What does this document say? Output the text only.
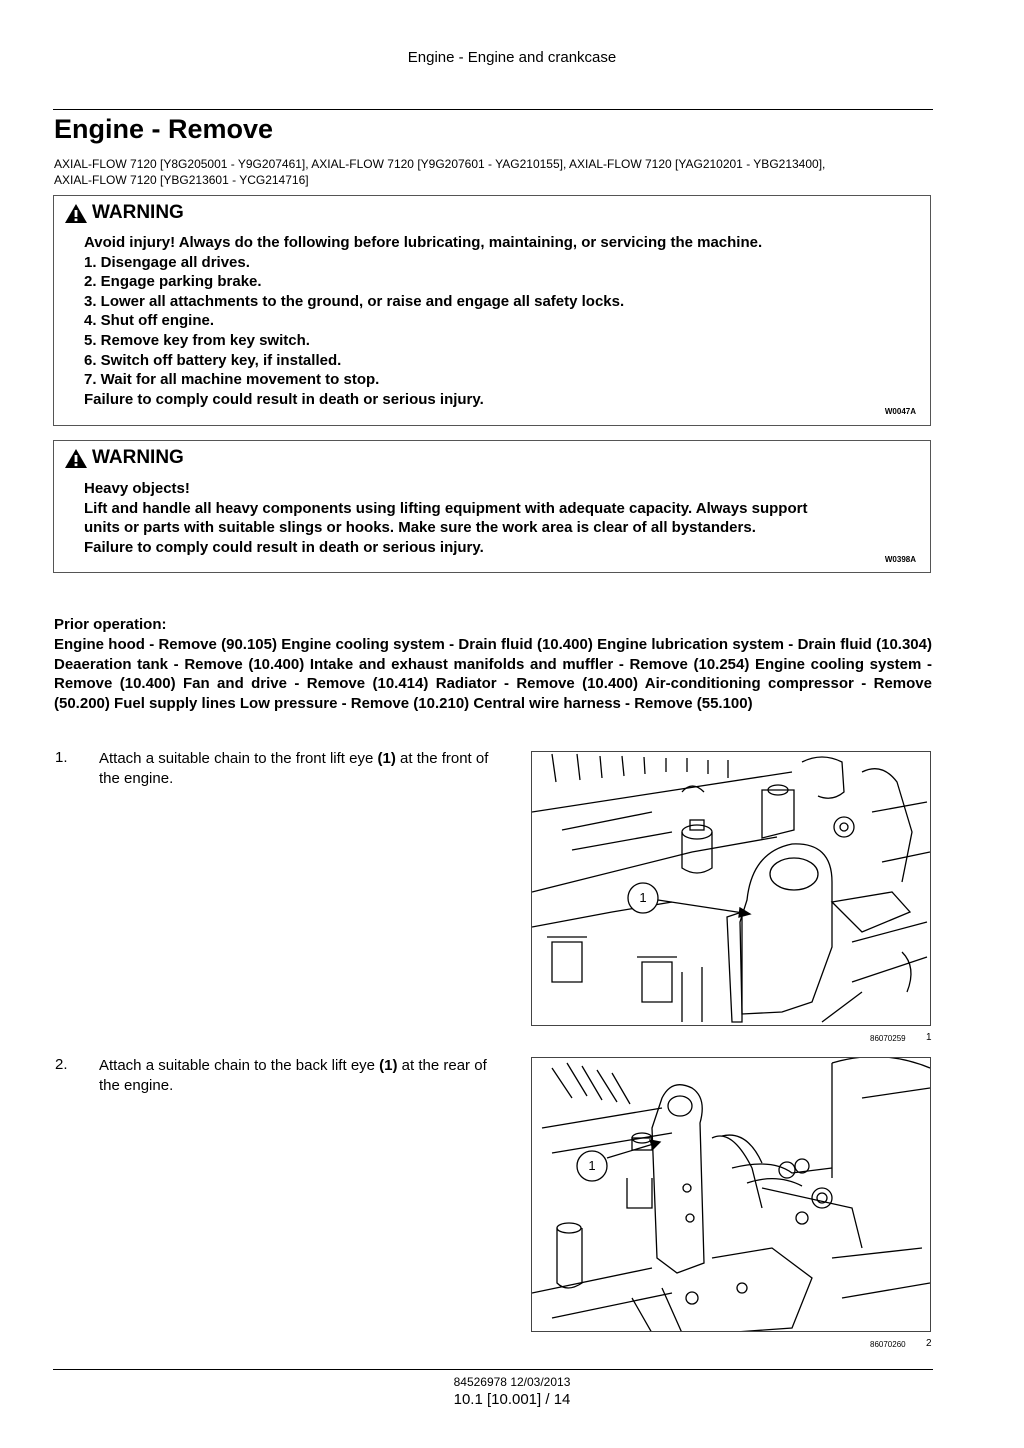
Engine - Engine and crankcase
Engine - Remove
AXIAL-FLOW 7120 [Y8G205001 - Y9G207461], AXIAL-FLOW 7120 [Y9G207601 - YAG210155], AXIAL-FLOW 7120 [YAG210201 - YBG213400],
AXIAL-FLOW 7120 [YBG213601 - YCG214716]
WARNING
Avoid injury! Always do the following before lubricating, maintaining, or servicing the machine.
1. Disengage all drives.
2. Engage parking brake.
3. Lower all attachments to the ground, or raise and engage all safety locks.
4. Shut off engine.
5. Remove key from key switch.
6. Switch off battery key, if installed.
7. Wait for all machine movement to stop.
Failure to comply could result in death or serious injury.
W0047A
WARNING
Heavy objects!
Lift and handle all heavy components using lifting equipment with adequate capacity. Always support
units or parts with suitable slings or hooks. Make sure the work area is clear of all bystanders.
Failure to comply could result in death or serious injury.
W0398A
Prior operation:
Engine hood - Remove (90.105) Engine cooling system - Drain fluid (10.400) Engine lubrication system - Drain fluid (10.304) Deaeration tank - Remove (10.400) Intake and exhaust manifolds and muffler - Remove (10.254) Engine cooling system - Remove (10.400) Fan and drive - Remove (10.414) Radiator - Remove (10.400) Air-conditioning compressor - Remove (50.200) Fuel supply lines Low pressure - Remove (10.210) Central wire harness - Remove (55.100)
1. Attach a suitable chain to the front lift eye (1) at the front of the engine.
1
86070259 1
2. Attach a suitable chain to the back lift eye (1) at the rear of the engine.
1
86070260 2
84526978 12/03/2013
10.1 [10.001] / 14
